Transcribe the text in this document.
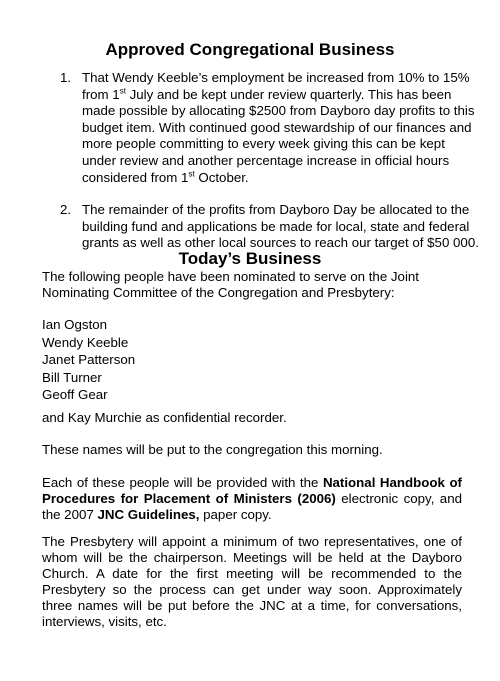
Approved Congregational Business
1. That Wendy Keeble’s employment be increased from 10% to 15% from 1st July and be kept under review quarterly. This has been made possible by allocating $2500 from Dayboro day profits to this budget item. With continued good stewardship of our finances and more people committing to every week giving this can be kept under review and another percentage increase in official hours considered from 1st October.
2. The remainder of the profits from Dayboro Day be allocated to the building fund and applications be made for local, state and federal grants as well as other local sources to reach our target of $50 000.
Today’s Business
The following people have been nominated to serve on the Joint Nominating Committee of the Congregation and Presbytery:
Ian Ogston
Wendy Keeble
Janet Patterson
Bill Turner
Geoff Gear
and Kay Murchie as confidential recorder.
These names will be put to the congregation this morning.
Each of these people will be provided with the National Handbook of Procedures for Placement of Ministers (2006) electronic copy, and the 2007 JNC Guidelines, paper copy.
The Presbytery will appoint a minimum of two representatives, one of whom will be the chairperson. Meetings will be held at the Dayboro Church. A date for the first meeting will be recommended to the Presbytery so the process can get under way soon. Approximately three names will be put before the JNC at a time, for conversations, interviews, visits, etc.
